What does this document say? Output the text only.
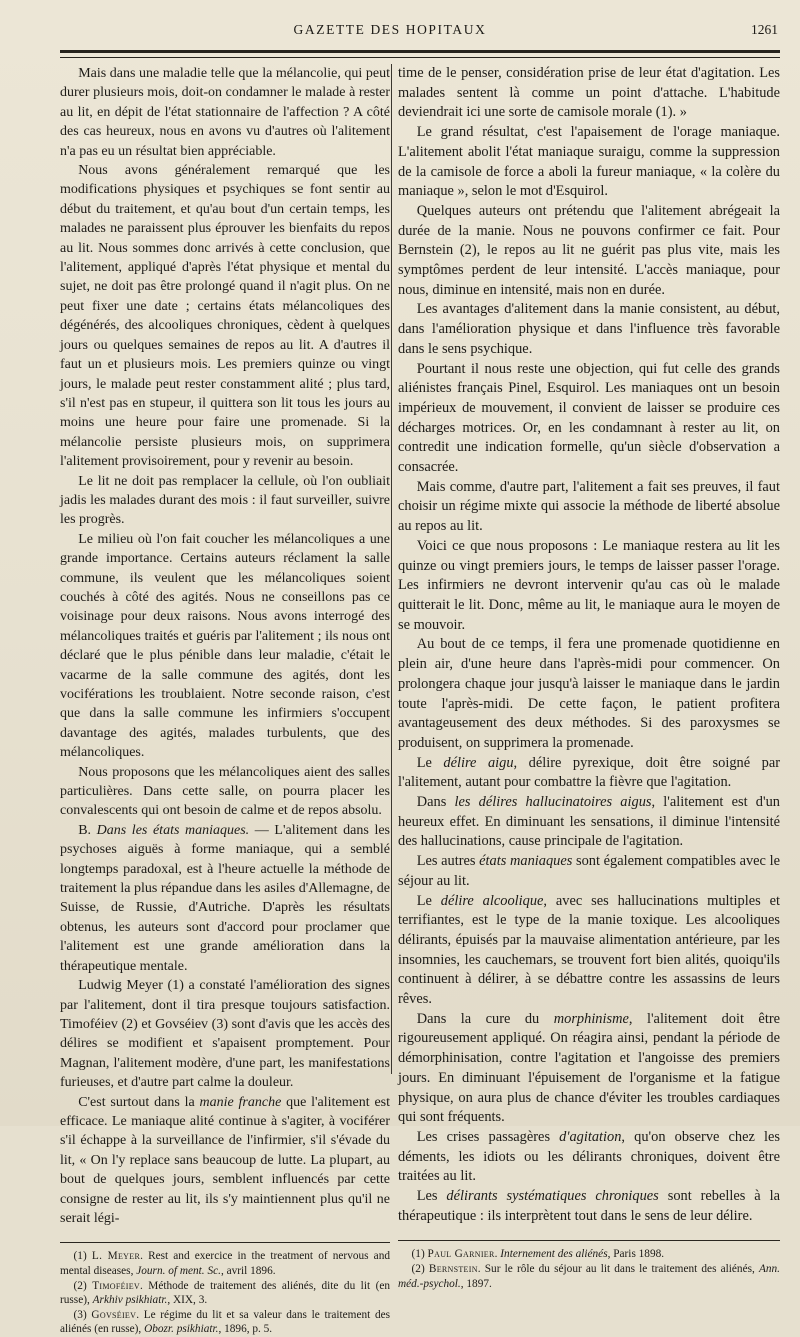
GAZETTE DES HOPITAUX	1261

Mais dans une maladie telle que la mélancolie, qui peut durer plusieurs mois, doit-on condamner le malade à rester au lit, en dépit de l'état stationnaire de l'affection ? A côté des cas heureux, nous en avons vu d'autres où l'alitement n'a pas eu un résultat bien appréciable.

Nous avons généralement remarqué que les modifications physiques et psychiques se font sentir au début du traitement, et qu'au bout d'un certain temps, les malades ne paraissent plus éprouver les bienfaits du repos au lit. Nous sommes donc arrivés à cette conclusion, que l'alitement, appliqué d'après l'état physique et mental du sujet, ne doit pas être prolongé quand il n'agit plus. On ne peut fixer une date ; certains états mélancoliques des dégénérés, des alcooliques chroniques, cèdent à quelques jours ou quelques semaines de repos au lit. A d'autres il faut un et plusieurs mois. Les premiers quinze ou vingt jours, le malade peut rester constamment alité ; plus tard, s'il n'est pas en stupeur, il quittera son lit tous les jours au moins une heure pour faire une promenade. Si la mélancolie persiste plusieurs mois, on supprimera l'alitement provisoirement, pour y revenir au besoin.

Le lit ne doit pas remplacer la cellule, où l'on oubliait jadis les malades durant des mois : il faut surveiller, suivre les progrès.

Le milieu où l'on fait coucher les mélancoliques a une grande importance. Certains auteurs réclament la salle commune, ils veulent que les mélancoliques soient couchés à côté des agités. Nous ne conseillons pas ce voisinage pour deux raisons. Nous avons interrogé des mélancoliques traités et guéris par l'alitement ; ils nous ont déclaré que le plus pénible dans leur maladie, c'était le vacarme de la salle commune des agités, dont les vociférations les troublaient. Notre seconde raison, c'est que dans la salle commune les infirmiers s'occupent davantage des agités, malades turbulents, que des mélancoliques.

Nous proposons que les mélancoliques aient des salles particulières. Dans cette salle, on pourra placer les convalescents qui ont besoin de calme et de repos absolu.

B. Dans les états maniaques. — L'alitement dans les psychoses aiguës à forme maniaque, qui a semblé longtemps paradoxal, est à l'heure actuelle la méthode de traitement la plus répandue dans les asiles d'Allemagne, de Suisse, de Russie, d'Autriche. D'après les résultats obtenus, les auteurs sont d'accord pour proclamer que l'alitement est une grande amélioration dans la thérapeutique mentale.

Ludwig Meyer (1) a constaté l'amélioration des signes par l'alitement, dont il tira presque toujours satisfaction. Timoféiev (2) et Govséiev (3) sont d'avis que les accès des délires se modifient et s'apaisent promptement. Pour Magnan, l'alitement modère, d'une part, les manifestations furieuses, et d'autre part calme la douleur.

C'est surtout dans la manie franche que l'alitement est efficace. Le maniaque alité continue à s'agiter, à vociférer s'il échappe à la surveillance de l'infirmier, s'il s'évade du lit, « On l'y replace sans beaucoup de lutte. La plupart, au bout de quelques jours, semblent influencés par cette consigne de rester au lit, ils s'y maintiennent plus qu'il ne serait légi-

(1) L. Meyer. Rest and exercice in the treatment of nervous and mental diseases, Journ. of ment. Sc., avril 1896.

(2) Timoféiev. Méthode de traitement des aliénés, dite du lit (en russe), Arkhiv psikhiatr., XIX, 3.

(3) Govséiev. Le régime du lit et sa valeur dans le traitement des aliénés (en russe), Obozr. psikhiatr., 1896, p. 5.

time de le penser, considération prise de leur état d'agitation. Les malades sentent là comme un point d'attache. L'habitude deviendrait ici une sorte de camisole morale (1). »

Le grand résultat, c'est l'apaisement de l'orage maniaque. L'alitement abolit l'état maniaque suraigu, comme la suppression de la camisole de force a aboli la fureur maniaque, « la colère du maniaque », selon le mot d'Esquirol.

Quelques auteurs ont prétendu que l'alitement abrégeait la durée de la manie. Nous ne pouvons confirmer ce fait. Pour Bernstein (2), le repos au lit ne guérit pas plus vite, mais les symptômes perdent de leur intensité. L'accès maniaque, pour nous, diminue en intensité, mais non en durée.

Les avantages d'alitement dans la manie consistent, au début, dans l'amélioration physique et dans l'influence très favorable dans le sens psychique.

Pourtant il nous reste une objection, qui fut celle des grands aliénistes français Pinel, Esquirol. Les maniaques ont un besoin impérieux de mouvement, il convient de laisser se produire ces décharges motrices. Or, en les condamnant à rester au lit, on contredit une indication formelle, qu'un siècle d'observation a consacrée.

Mais comme, d'autre part, l'alitement a fait ses preuves, il faut choisir un régime mixte qui associe la méthode de liberté absolue au repos au lit.

Voici ce que nous proposons : Le maniaque restera au lit les quinze ou vingt premiers jours, le temps de laisser passer l'orage. Les infirmiers ne devront intervenir qu'au cas où le malade quitterait le lit. Donc, même au lit, le maniaque aura le moyen de se mouvoir.

Au bout de ce temps, il fera une promenade quotidienne en plein air, d'une heure dans l'après-midi pour commencer. On prolongera chaque jour jusqu'à laisser le maniaque dans le jardin toute l'après-midi. De cette façon, le patient profitera avantageusement des deux méthodes. Si des paroxysmes se produisent, on supprimera la promenade.

Le délire aigu, délire pyrexique, doit être soigné par l'alitement, autant pour combattre la fièvre que l'agitation.

Dans les délires hallucinatoires aigus, l'alitement est d'un heureux effet. En diminuant les sensations, il diminue l'intensité des hallucinations, cause principale de l'agitation.

Les autres états maniaques sont également compatibles avec le séjour au lit.

Le délire alcoolique, avec ses hallucinations multiples et terrifiantes, est le type de la manie toxique. Les alcooliques délirants, épuisés par la mauvaise alimentation antérieure, par les insomnies, les cauchemars, se trouvent fort bien alités, quoiqu'ils continuent à délirer, à se débattre contre les assassins de leurs rêves.

Dans la cure du morphinisme, l'alitement doit être rigoureusement appliqué. On réagira ainsi, pendant la période de démorphinisation, contre l'agitation et l'angoisse des premiers jours. En diminuant l'épuisement de l'organisme et la fatigue physique, on aura plus de chance d'éviter les troubles cardiaques qui sont fréquents.

Les crises passagères d'agitation, qu'on observe chez les déments, les idiots ou les délirants chroniques, doivent être traitées au lit.

Les délirants systématiques chroniques sont rebelles à la thérapeutique : ils interprètent tout dans le sens de leur délire.

(1) Paul Garnier. Internement des aliénés, Paris 1898.

(2) Bernstein. Sur le rôle du séjour au lit dans le traitement des aliénés, Ann. méd.-psychol., 1897.
